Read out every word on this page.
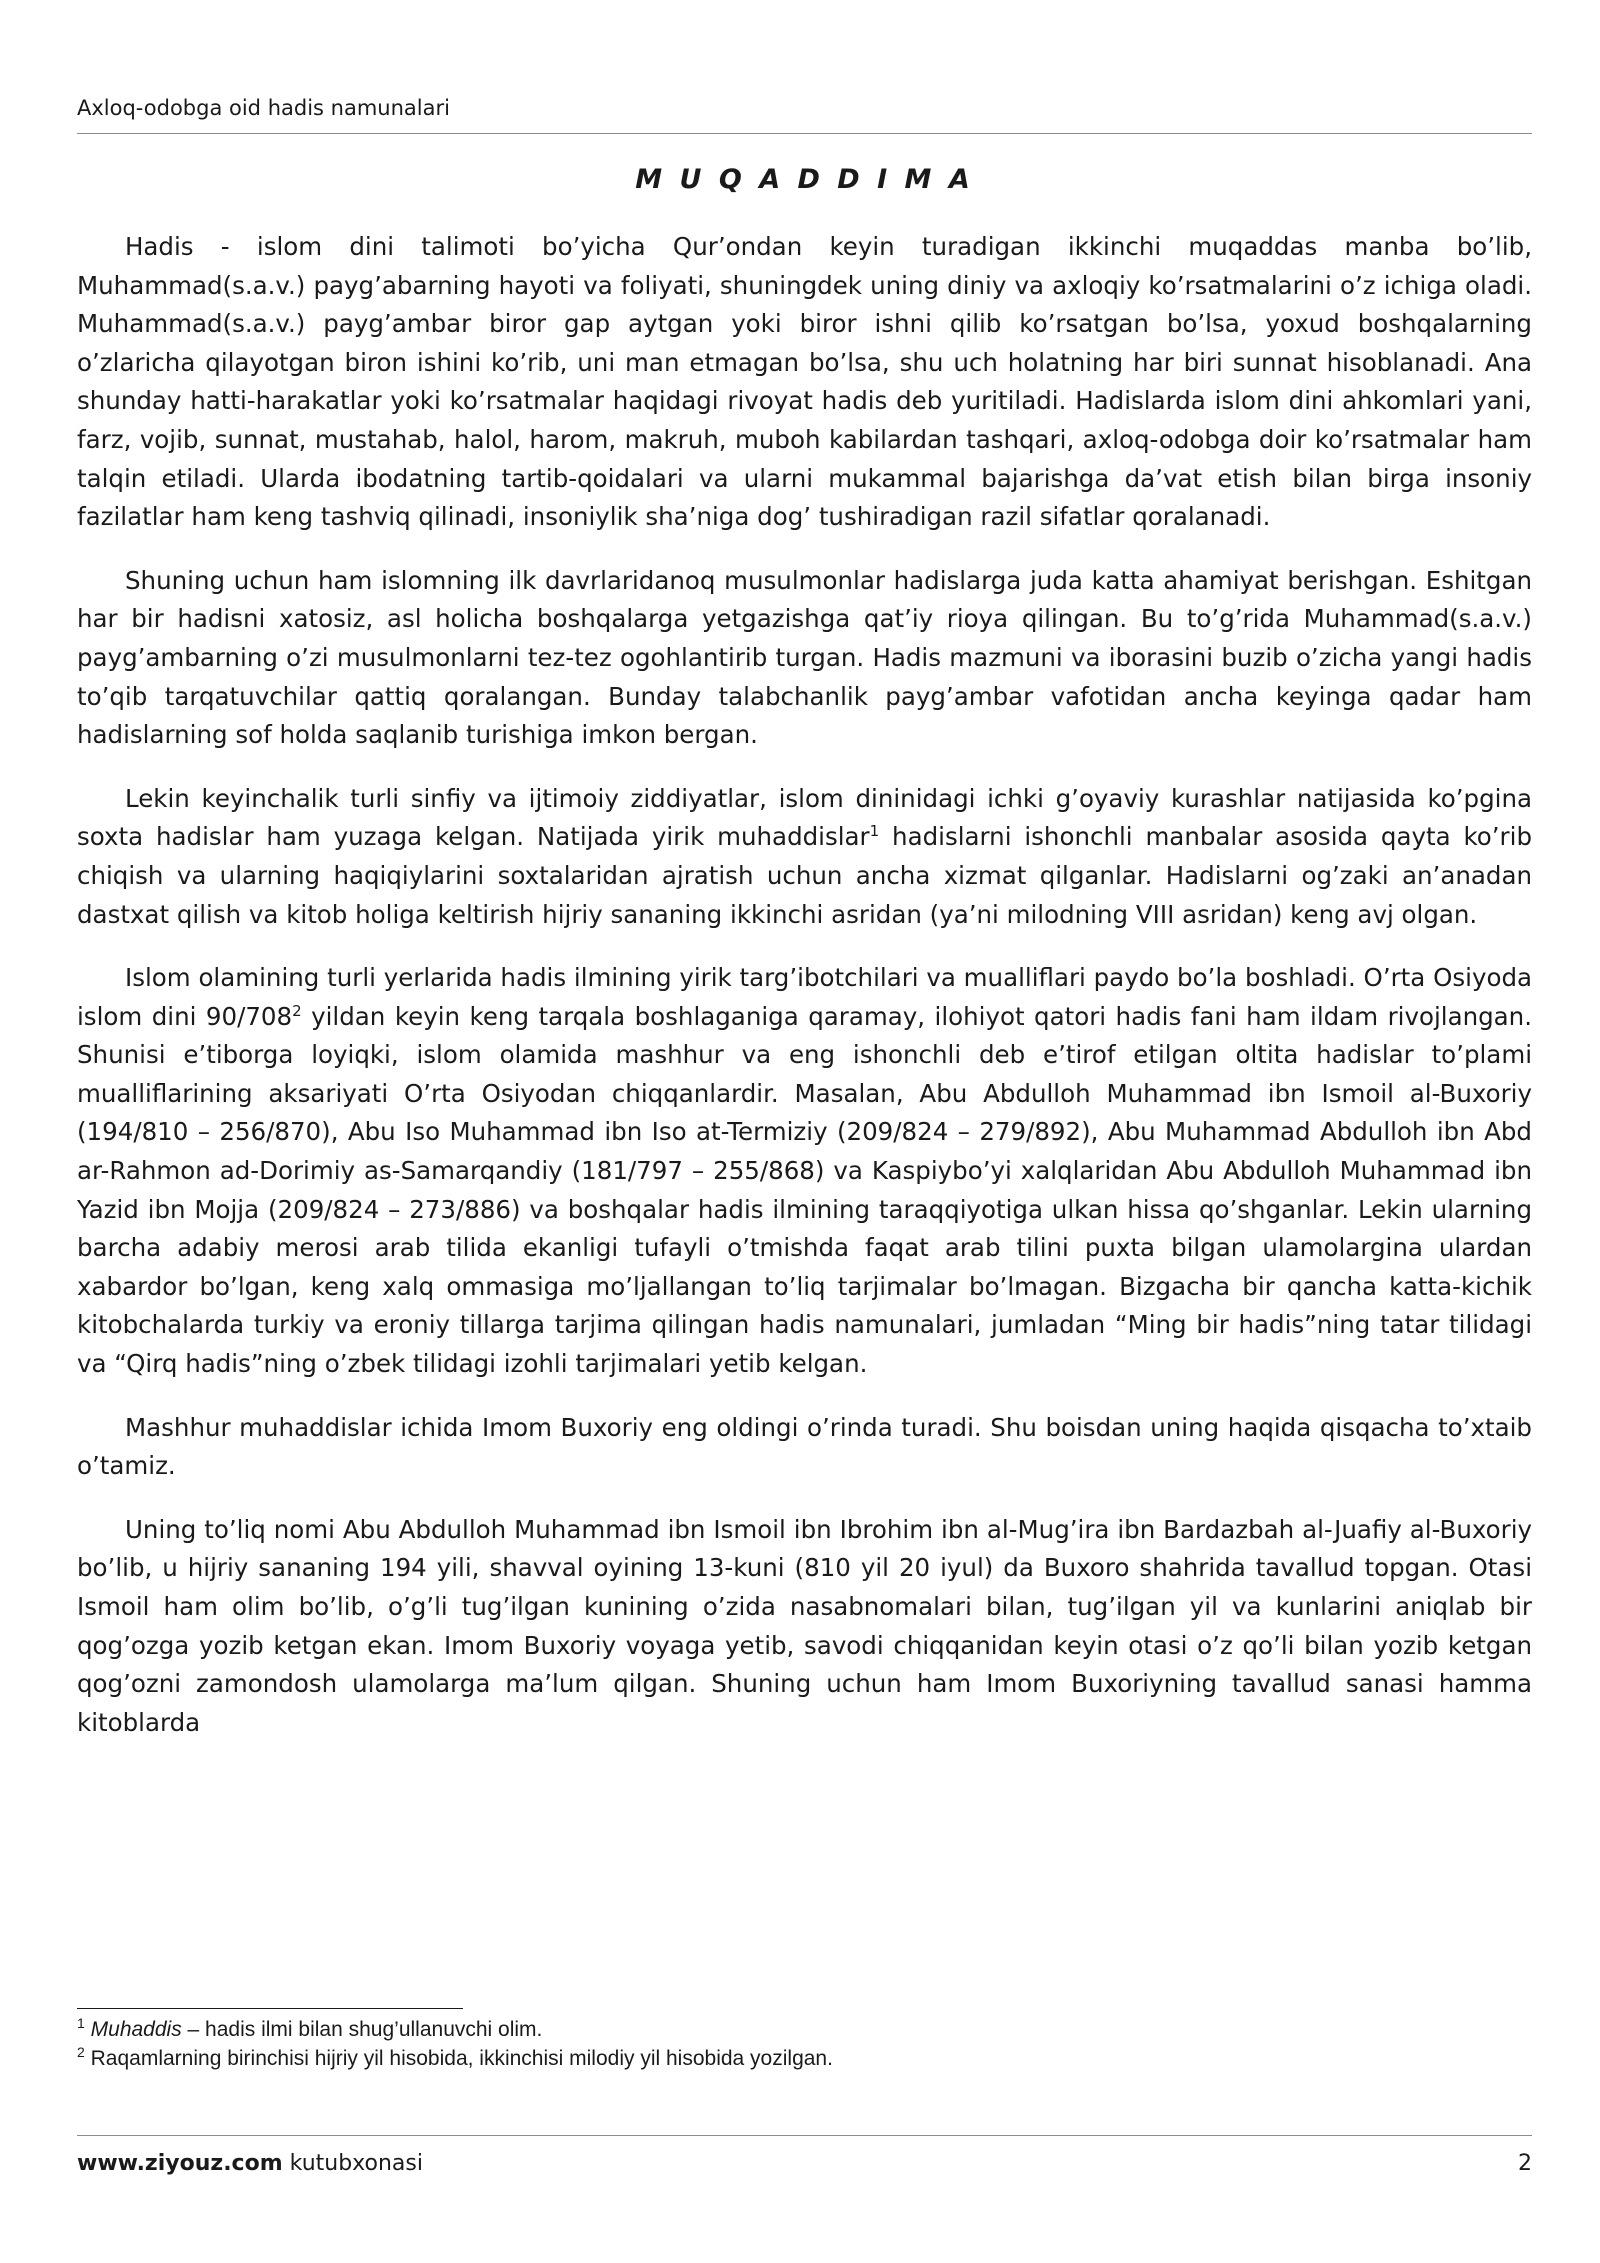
Axloq-odobga oid hadis namunalari
M U Q A D D I M A

Hadis - islom dini talimoti bo’yicha Qur’ondan keyin turadigan ikkinchi muqaddas manba bo’lib, Muhammad(s.a.v.) payg’abarning hayoti va foliyati, shuningdek uning diniy va axloqiy ko’rsatmalarini o’z ichiga oladi. Muhammad(s.a.v.) payg’ambar biror gap aytgan yoki biror ishni qilib ko’rsatgan bo’lsa, yoxud boshqalarning o’zlaricha qilayotgan biron ishini ko’rib, uni man etmagan bo’lsa, shu uch holatning har biri sunnat hisoblanadi. Ana shunday hatti-harakatlar yoki ko’rsatmalar haqidagi rivoyat hadis deb yuritiladi. Hadislarda islom dini ahkomlari yani, farz, vojib, sunnat, mustahab, halol, harom, makruh, muboh kabilardan tashqari, axloq-odobga doir ko’rsatmalar ham talqin etiladi. Ularda ibodatning tartib-qoidalari va ularni mukammal bajarishga da’vat etish bilan birga insoniy fazilatlar ham keng tashviq qilinadi, insoniylik sha’niga dog’ tushiradigan razil sifatlar qoralanadi.

Shuning uchun ham islomning ilk davrlaridanoq musulmonlar hadislarga juda katta ahamiyat berishgan. Eshitgan har bir hadisni xatosiz, asl holicha boshqalarga yetgazishga qat’iy rioya qilingan. Bu to’g’rida Muhammad(s.a.v.) payg’ambarning o’zi musulmonlarni tez-tez ogohlantirib turgan. Hadis mazmuni va iborasini buzib o’zicha yangi hadis to’qib tarqatuvchilar qattiq qoralangan. Bunday talabchanlik payg’ambar vafotidan ancha keyinga qadar ham hadislarning sof holda saqlanib turishiga imkon bergan.

Lekin keyinchalik turli sinfiy va ijtimoiy ziddiyatlar, islom dininidagi ichki g’oyaviy kurashlar natijasida ko’pgina soxta hadislar ham yuzaga kelgan. Natijada yirik muhaddislar$^1$ hadislarni ishonchli manbalar asosida qayta ko’rib chiqish va ularning haqiqiylarini soxtalaridan ajratish uchun ancha xizmat qilganlar. Hadislarni og’zaki an’anadan dastxat qilish va kitob holiga keltirish hijriy sananing ikkinchi asridan (ya’ni milodning VIII asridan) keng avj olgan.

Islom olamining turli yerlarida hadis ilmining yirik targ’ibotchilari va mualliflari paydo bo’la boshladi. O’rta Osiyoda islom dini $90/708^2$ yildan keyin keng tarqala boshlaganiga qaramay, ilohiyot qatori hadis fani ham ildam rivojlangan. Shunisi e’tiborga loyiqki, islom olamida mashhur va eng ishonchli deb e’tirof etilgan oltita hadislar to’plami mualliflarining aksariyati O’rta Osiyodan chiqqanlardir. Masalan, Abu Abdulloh Muhammad ibn Ismoil al-Buxoriy (194/810 – 256/870), Abu Iso Muhammad ibn Iso at-Termiziy (209/824 – 279/892), Abu Muhammad Abdulloh ibn Abd ar-Rahmon ad-Dorimiy as-Samarqandiy (181/797 – 255/868) va Kaspiybo’yi xalqlaridan Abu Abdulloh Muhammad ibn Yazid ibn Mojja (209/824 – 273/886) va boshqalar hadis ilmining taraqqiyotiga ulkan hissa qo’shganlar. Lekin ularning barcha adabiy merosi arab tilida ekanligi tufayli o’tmishda faqat arab tilini puxta bilgan ulamolargina ulardan xabardor bo’lgan, keng xalq ommasiga mo’ljallangan to’liq tarjimalar bo’lmagan. Bizgacha bir qancha katta-kichik kitobchalarda turkiy va eroniy tillarga tarjima qilingan hadis namunalari, jumladan “Ming bir hadis”ning tatar tilidagi va “Qirq hadis”ning o’zbek tilidagi izohli tarjimalari yetib kelgan.

Mashhur muhaddislar ichida Imom Buxoriy eng oldingi o’rinda turadi. Shu boisdan uning haqida qisqacha to’xtaib o’tamiz.

Uning to’liq nomi Abu Abdulloh Muhammad ibn Ismoil ibn Ibrohim ibn al-Mug’ira ibn Bardazbah al-Juafiy al-Buxoriy bo’lib, u hijriy sananing 194 yili, shavval oyining 13-kuni (810 yil 20 iyul) da Buxoro shahrida tavallud topgan. Otasi Ismoil ham olim bo’lib, o’g’li tug’ilgan kunining o’zida nasabnomalari bilan, tug’ilgan yil va kunlarini aniqlab bir qog’ozga yozib ketgan ekan. Imom Buxoriy voyaga yetib, savodi chiqqanidan keyin otasi o’z qo’li bilan yozib ketgan qog’ozni zamondosh ulamolarga ma’lum qilgan. Shuning uchun ham Imom Buxoriyning tavallud sanasi hamma kitoblarda

$^1$ Muhaddis – hadis ilmi bilan shug’ullanuvchi olim.
$^2$ Raqamlarning birinchisi hijriy yil hisobida, ikkinchisi milodiy yil hisobida yozilgan.
www.ziyouz.com kutubxonasi	2
